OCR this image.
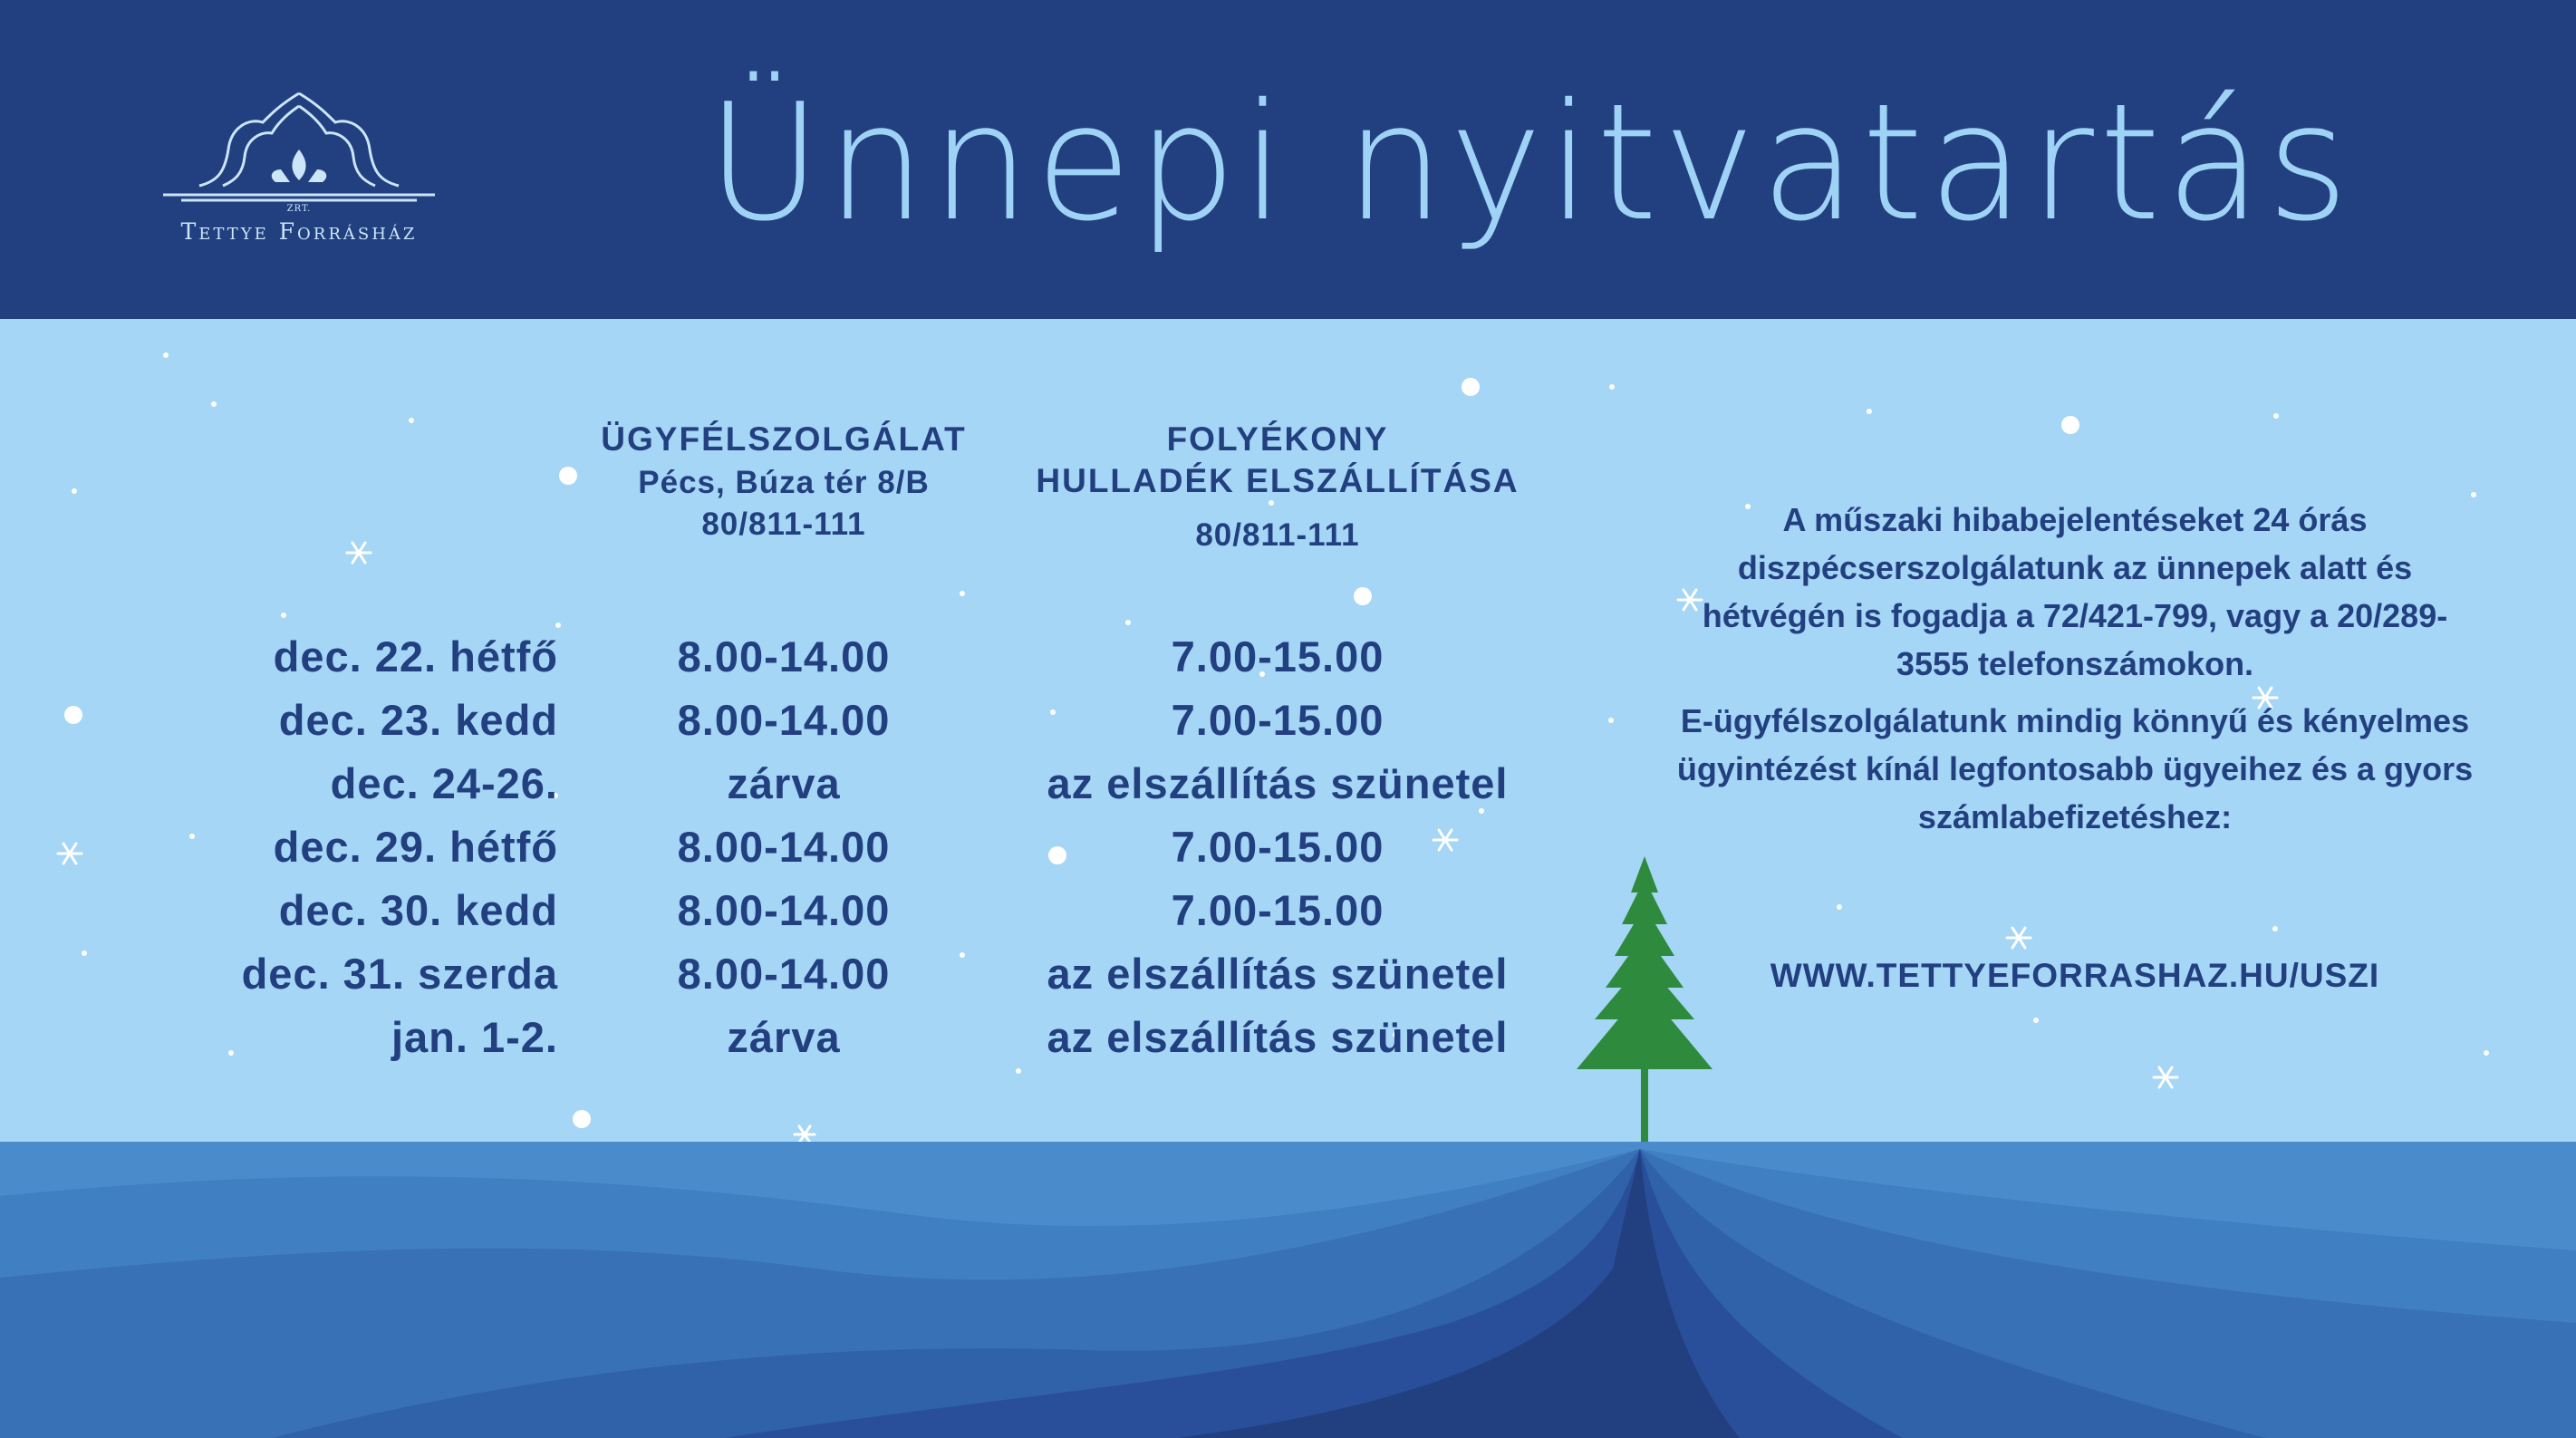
ZRT.
Tettye Forrásház Ünnepi nyitvatartás
ÜGYFÉLSZOLGÁLAT
Pécs, Búza tér 8/B
80/811-111
FOLYÉKONY
HULLADÉK ELSZÁLLÍTÁSA
80/811-111
dec. 22. hétfő	8.00-14.00	7.00-15.00
dec. 23. kedd	8.00-14.00	7.00-15.00
dec. 24-26.	zárva	az elszállítás szünetel
dec. 29. hétfő	8.00-14.00	7.00-15.00
dec. 30. kedd	8.00-14.00	7.00-15.00
dec. 31. szerda	8.00-14.00	az elszállítás szünetel
jan. 1-2.	zárva	az elszállítás szünetel

A műszaki hibabejelentéseket 24 órás diszpécserszolgálatunk az ünnepek alatt és hétvégén is fogadja a 72/421-799, vagy a 20/289-3555 telefonszámokon.

E-ügyfélszolgálatunk mindig könnyű és kényelmes ügyintézést kínál legfontosabb ügyeihez és a gyors számlabefizetéshez:

WWW.TETTYEFORRASHAZ.HU/USZI
